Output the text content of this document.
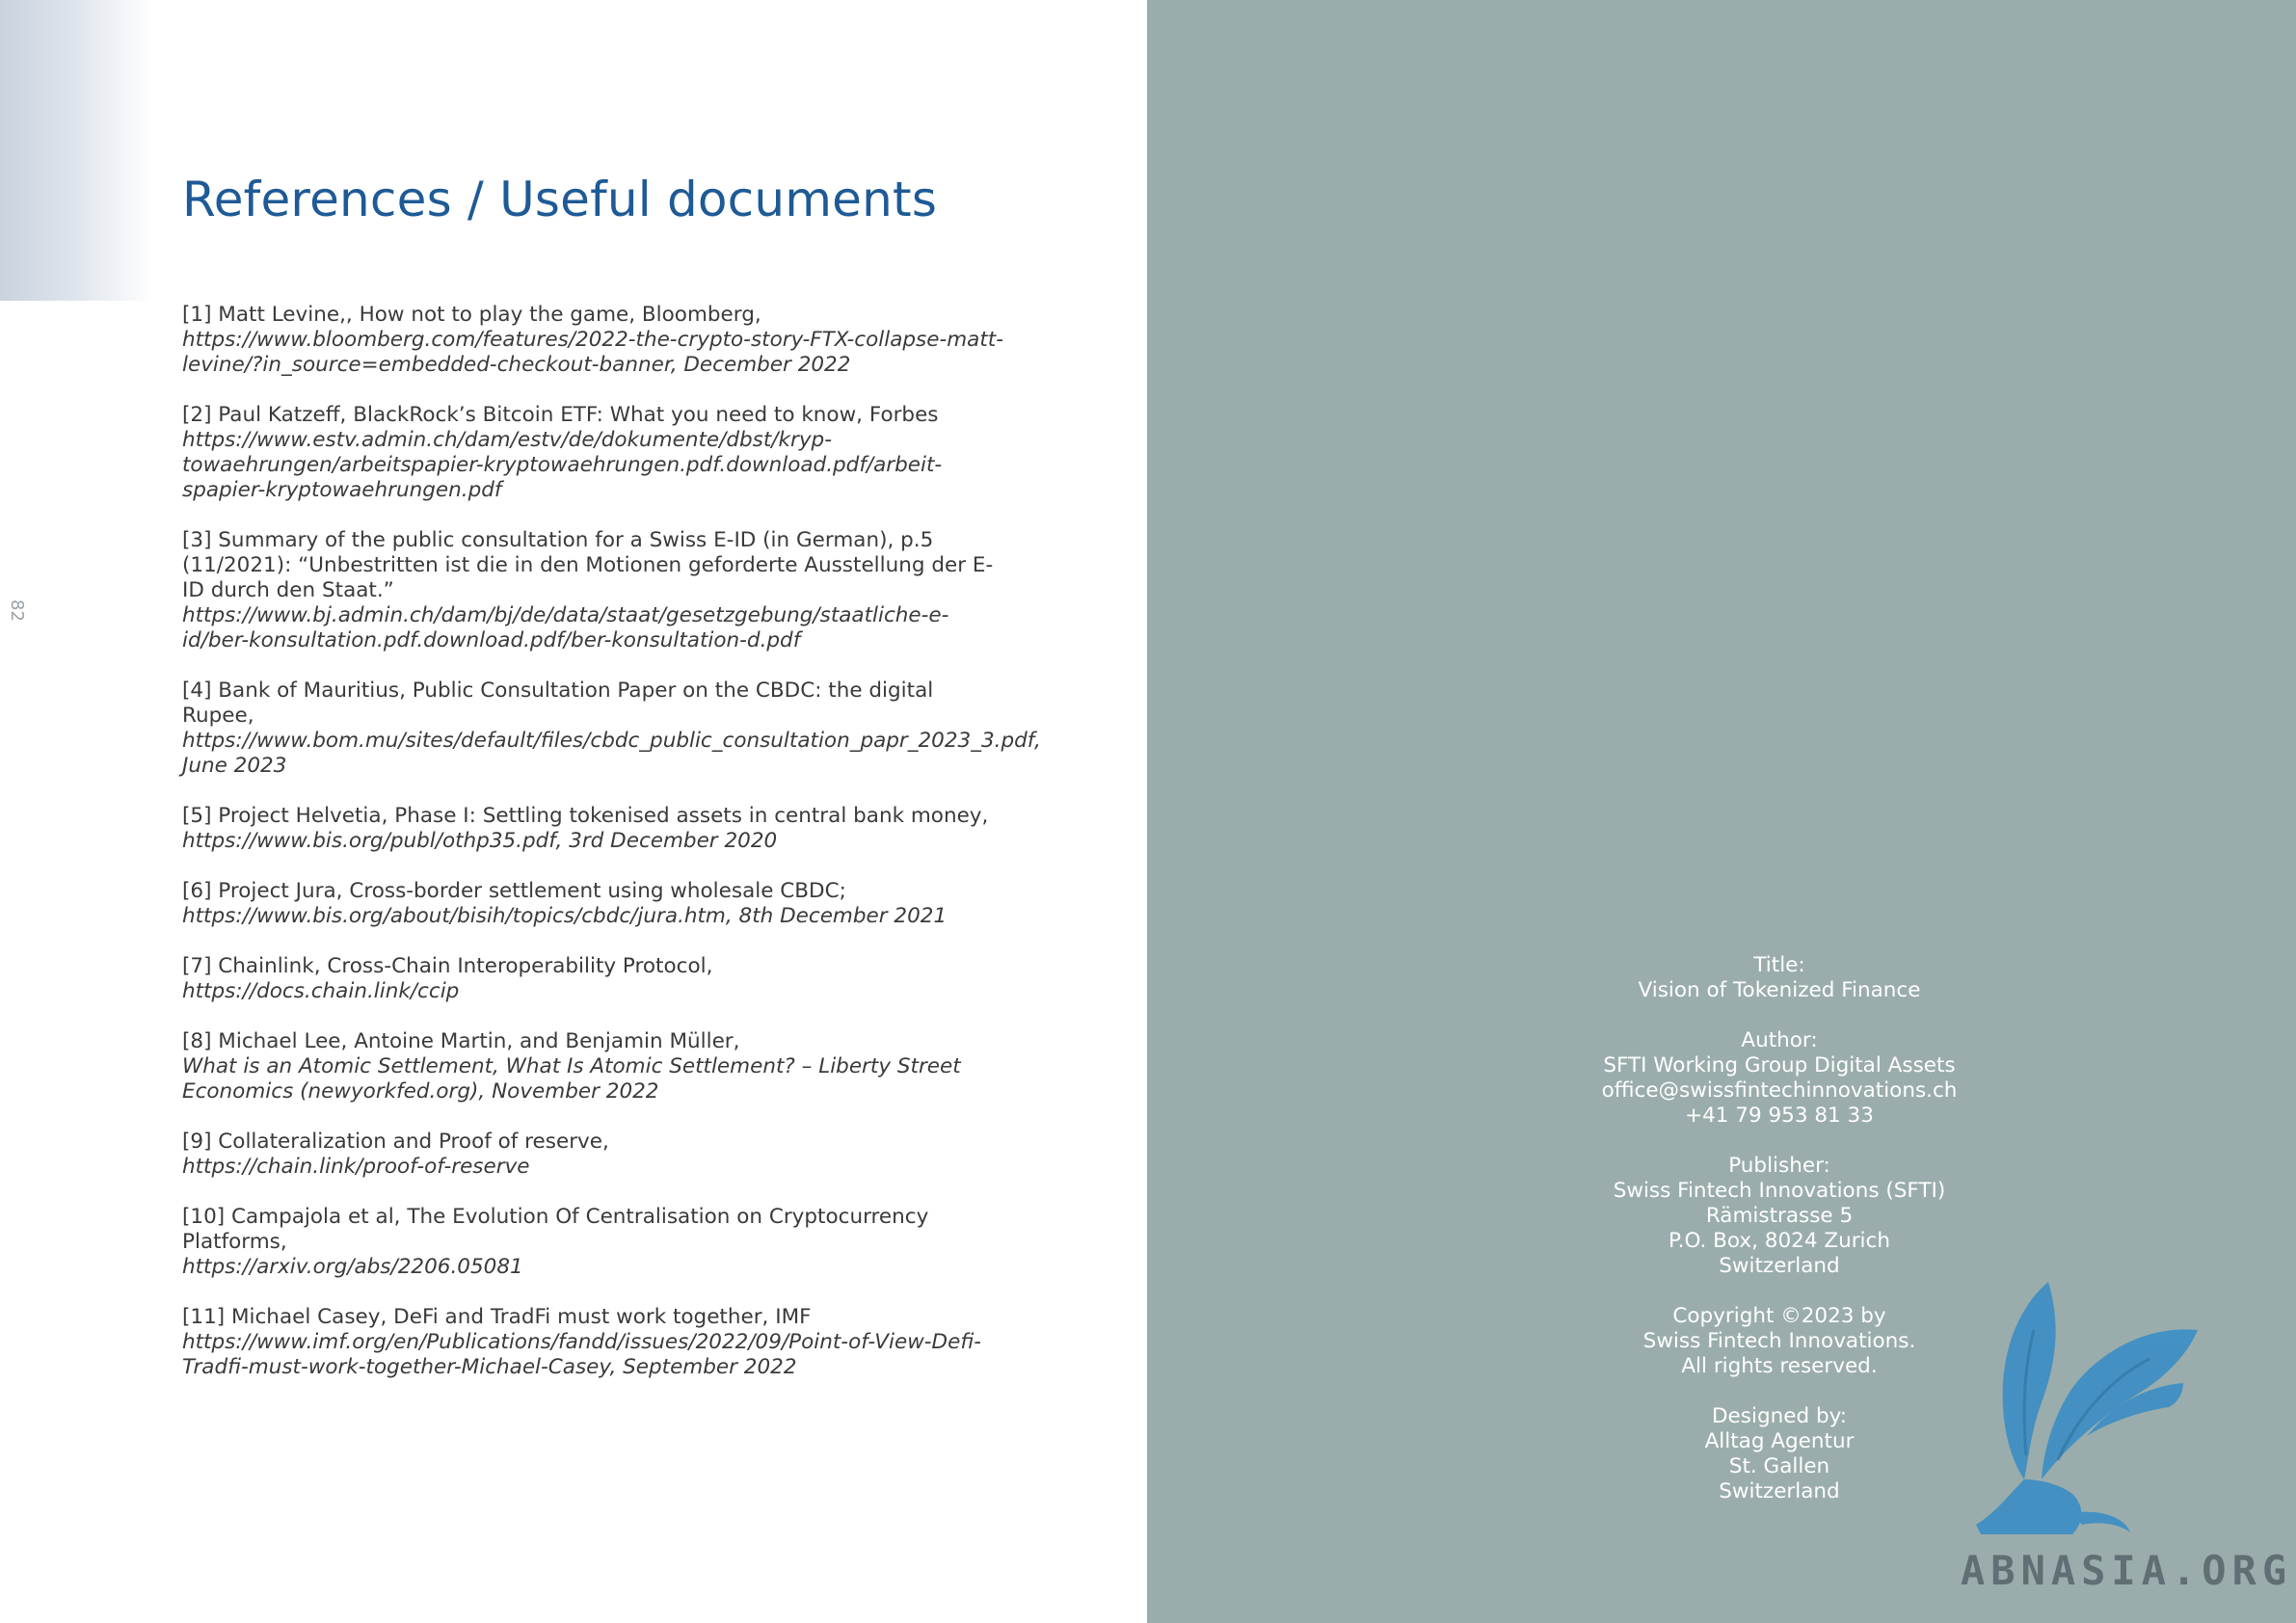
82
References / Useful documents
[1] Matt Levine,, How not to play the game, Bloomberg,
https://www.bloomberg.com/features/2022-the-crypto-story-FTX-collapse-matt-levine/?in_source=embedded-checkout-banner, December 2022
[2] Paul Katzeff, BlackRock’s Bitcoin ETF: What you need to know, Forbes
https://www.estv.admin.ch/dam/estv/de/dokumente/dbst/kryp-towaehrungen/arbeitspapier-kryptowaehrungen.pdf.download.pdf/arbeit-spapier-kryptowaehrungen.pdf
[3] Summary of the public consultation for a Swiss E-ID (in German), p.5 (11/2021): “Unbestritten ist die in den Motionen geforderte Ausstellung der E-ID durch den Staat.”
https://www.bj.admin.ch/dam/bj/de/data/staat/gesetzgebung/staatliche-e-id/ber-konsultation.pdf.download.pdf/ber-konsultation-d.pdf
[4] Bank of Mauritius, Public Consultation Paper on the CBDC: the digital Rupee,
https://www.bom.mu/sites/default/files/cbdc_public_consultation_papr_2023_3.pdf, June 2023
[5] Project Helvetia, Phase I: Settling tokenised assets in central bank money,
https://www.bis.org/publ/othp35.pdf, 3rd December 2020
[6] Project Jura, Cross-border settlement using wholesale CBDC;
https://www.bis.org/about/bisih/topics/cbdc/jura.htm, 8th December 2021
[7] Chainlink, Cross-Chain Interoperability Protocol,
https://docs.chain.link/ccip
[8] Michael Lee, Antoine Martin, and Benjamin Müller,
What is an Atomic Settlement, What Is Atomic Settlement? – Liberty Street Economics (newyorkfed.org), November 2022
[9] Collateralization and Proof of reserve,
https://chain.link/proof-of-reserve
[10] Campajola et al, The Evolution Of Centralisation on Cryptocurrency Platforms,
https://arxiv.org/abs/2206.05081
[11] Michael Casey, DeFi and TradFi must work together, IMF
https://www.imf.org/en/Publications/fandd/issues/2022/09/Point-of-View-Defi-Tradfi-must-work-together-Michael-Casey, September 2022
Title:
Vision of Tokenized Finance
Author:
SFTI Working Group Digital Assets
office@swissfintechinnovations.ch
+41 79 953 81 33
Publisher:
Swiss Fintech Innovations (SFTI)
Rämistrasse 5
P.O. Box, 8024 Zurich
Switzerland
Copyright ©2023 by
Swiss Fintech Innovations.
All rights reserved.
Designed by:
Alltag Agentur
St. Gallen
Switzerland
ABNASIA.ORG
